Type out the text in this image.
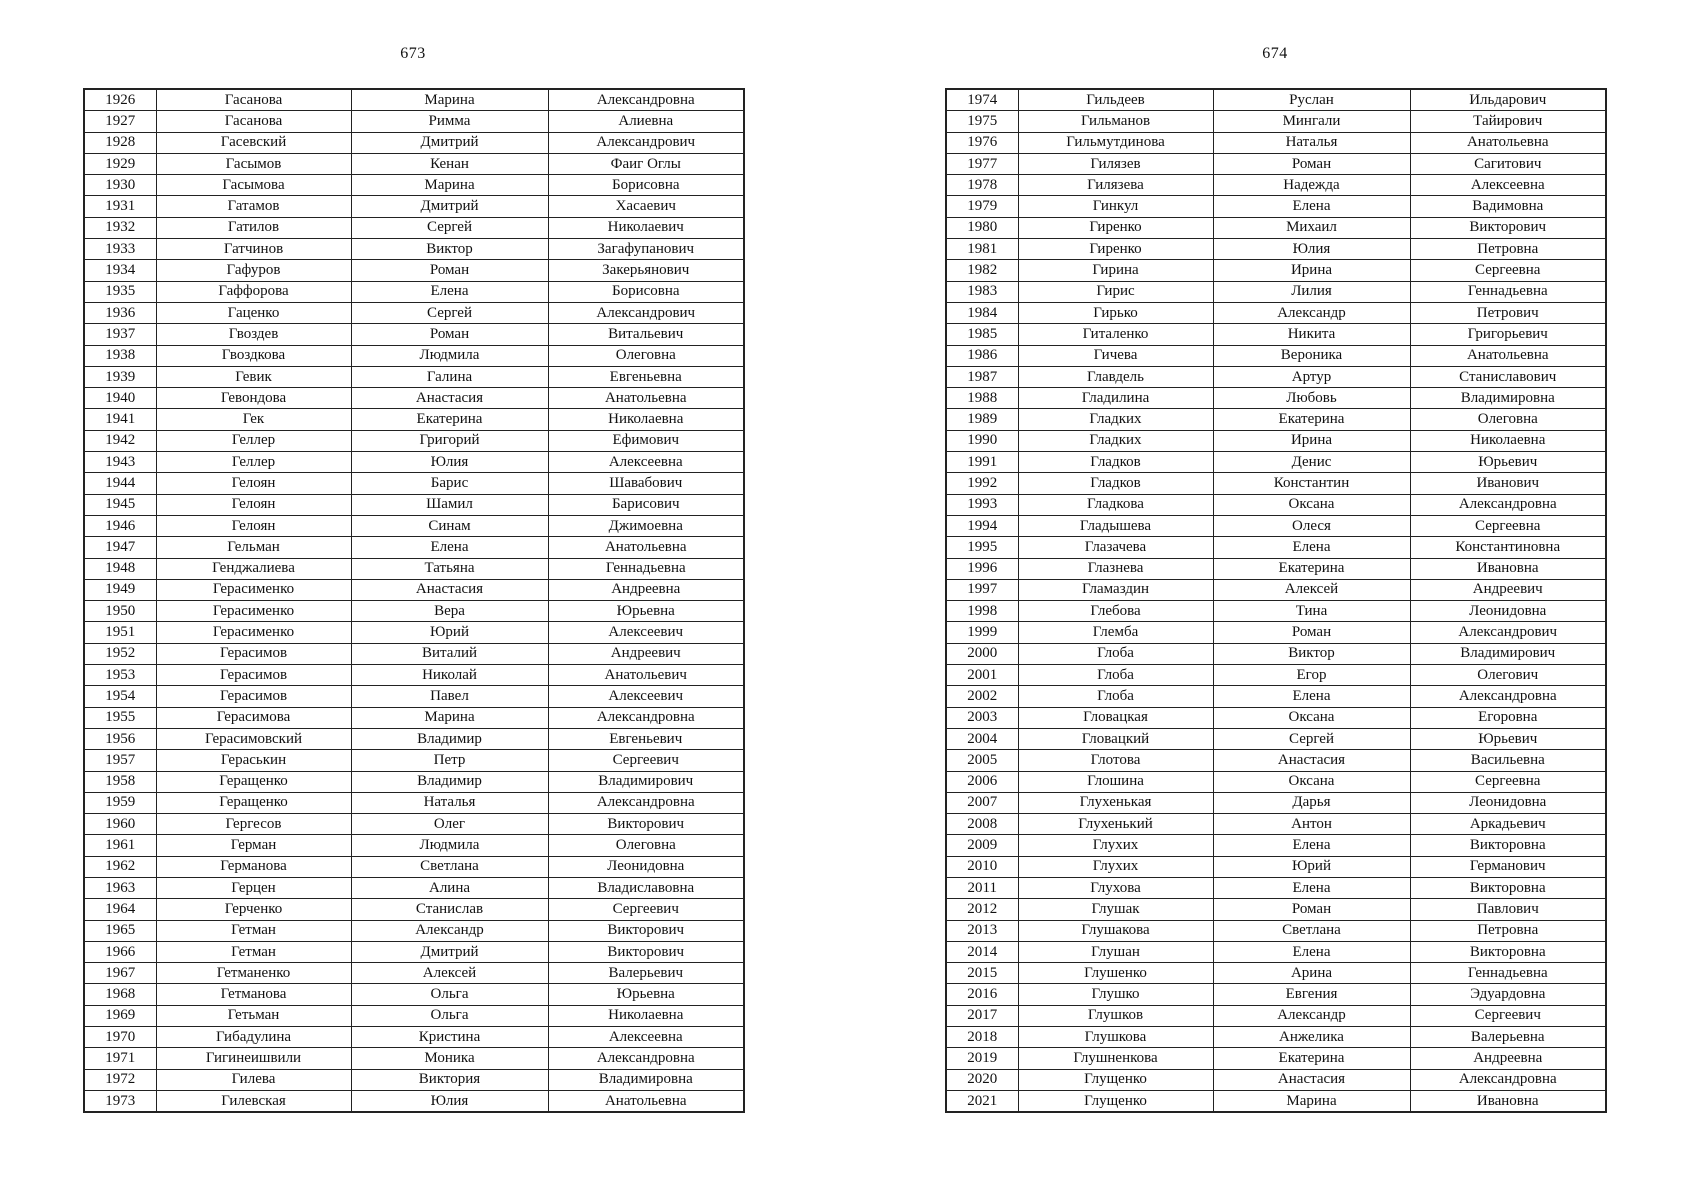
673
1926	Гасанова	Марина	Александровна
1927	Гасанова	Римма	Алиевна
1928	Гасевский	Дмитрий	Александрович
1929	Гасымов	Кенан	Фаиг Оглы
1930	Гасымова	Марина	Борисовна
1931	Гатамов	Дмитрий	Хасаевич
1932	Гатилов	Сергей	Николаевич
1933	Гатчинов	Виктор	Загафупанович
1934	Гафуров	Роман	Закерьянович
1935	Гаффорова	Елена	Борисовна
1936	Гаценко	Сергей	Александрович
1937	Гвоздев	Роман	Витальевич
1938	Гвоздкова	Людмила	Олеговна
1939	Гевик	Галина	Евгеньевна
1940	Гевондова	Анастасия	Анатольевна
1941	Гек	Екатерина	Николаевна
1942	Геллер	Григорий	Ефимович
1943	Геллер	Юлия	Алексеевна
1944	Гелоян	Барис	Шавабович
1945	Гелоян	Шамил	Барисович
1946	Гелоян	Синам	Джимоевна
1947	Гельман	Елена	Анатольевна
1948	Генджалиева	Татьяна	Геннадьевна
1949	Герасименко	Анастасия	Андреевна
1950	Герасименко	Вера	Юрьевна
1951	Герасименко	Юрий	Алексеевич
1952	Герасимов	Виталий	Андреевич
1953	Герасимов	Николай	Анатольевич
1954	Герасимов	Павел	Алексеевич
1955	Герасимова	Марина	Александровна
1956	Герасимовский	Владимир	Евгеньевич
1957	Гераськин	Петр	Сергеевич
1958	Геращенко	Владимир	Владимирович
1959	Геращенко	Наталья	Александровна
1960	Гергесов	Олег	Викторович
1961	Герман	Людмила	Олеговна
1962	Германова	Светлана	Леонидовна
1963	Герцен	Алина	Владиславовна
1964	Герченко	Станислав	Сергеевич
1965	Гетман	Александр	Викторович
1966	Гетман	Дмитрий	Викторович
1967	Гетманенко	Алексей	Валерьевич
1968	Гетманова	Ольга	Юрьевна
1969	Гетьман	Ольга	Николаевна
1970	Гибадулина	Кристина	Алексеевна
1971	Гигинеишвили	Моника	Александровна
1972	Гилева	Виктория	Владимировна
1973	Гилевская	Юлия	Анатольевна
674
1974	Гильдеев	Руслан	Ильдарович
1975	Гильманов	Мингали	Тайирович
1976	Гильмутдинова	Наталья	Анатольевна
1977	Гилязев	Роман	Сагитович
1978	Гилязева	Надежда	Алексеевна
1979	Гинкул	Елена	Вадимовна
1980	Гиренко	Михаил	Викторович
1981	Гиренко	Юлия	Петровна
1982	Гирина	Ирина	Сергеевна
1983	Гирис	Лилия	Геннадьевна
1984	Гирько	Александр	Петрович
1985	Гиталенко	Никита	Григорьевич
1986	Гичева	Вероника	Анатольевна
1987	Главдель	Артур	Станиславович
1988	Гладилина	Любовь	Владимировна
1989	Гладких	Екатерина	Олеговна
1990	Гладких	Ирина	Николаевна
1991	Гладков	Денис	Юрьевич
1992	Гладков	Константин	Иванович
1993	Гладкова	Оксана	Александровна
1994	Гладышева	Олеся	Сергеевна
1995	Глазачева	Елена	Константиновна
1996	Глазнева	Екатерина	Ивановна
1997	Гламаздин	Алексей	Андреевич
1998	Глебова	Тина	Леонидовна
1999	Глемба	Роман	Александрович
2000	Глоба	Виктор	Владимирович
2001	Глоба	Егор	Олегович
2002	Глоба	Елена	Александровна
2003	Гловацкая	Оксана	Егоровна
2004	Гловацкий	Сергей	Юрьевич
2005	Глотова	Анастасия	Васильевна
2006	Глошина	Оксана	Сергеевна
2007	Глухенькая	Дарья	Леонидовна
2008	Глухенький	Антон	Аркадьевич
2009	Глухих	Елена	Викторовна
2010	Глухих	Юрий	Германович
2011	Глухова	Елена	Викторовна
2012	Глушак	Роман	Павлович
2013	Глушакова	Светлана	Петровна
2014	Глушан	Елена	Викторовна
2015	Глушенко	Арина	Геннадьевна
2016	Глушко	Евгения	Эдуардовна
2017	Глушков	Александр	Сергеевич
2018	Глушкова	Анжелика	Валерьевна
2019	Глушненкова	Екатерина	Андреевна
2020	Глущенко	Анастасия	Александровна
2021	Глущенко	Марина	Ивановна
